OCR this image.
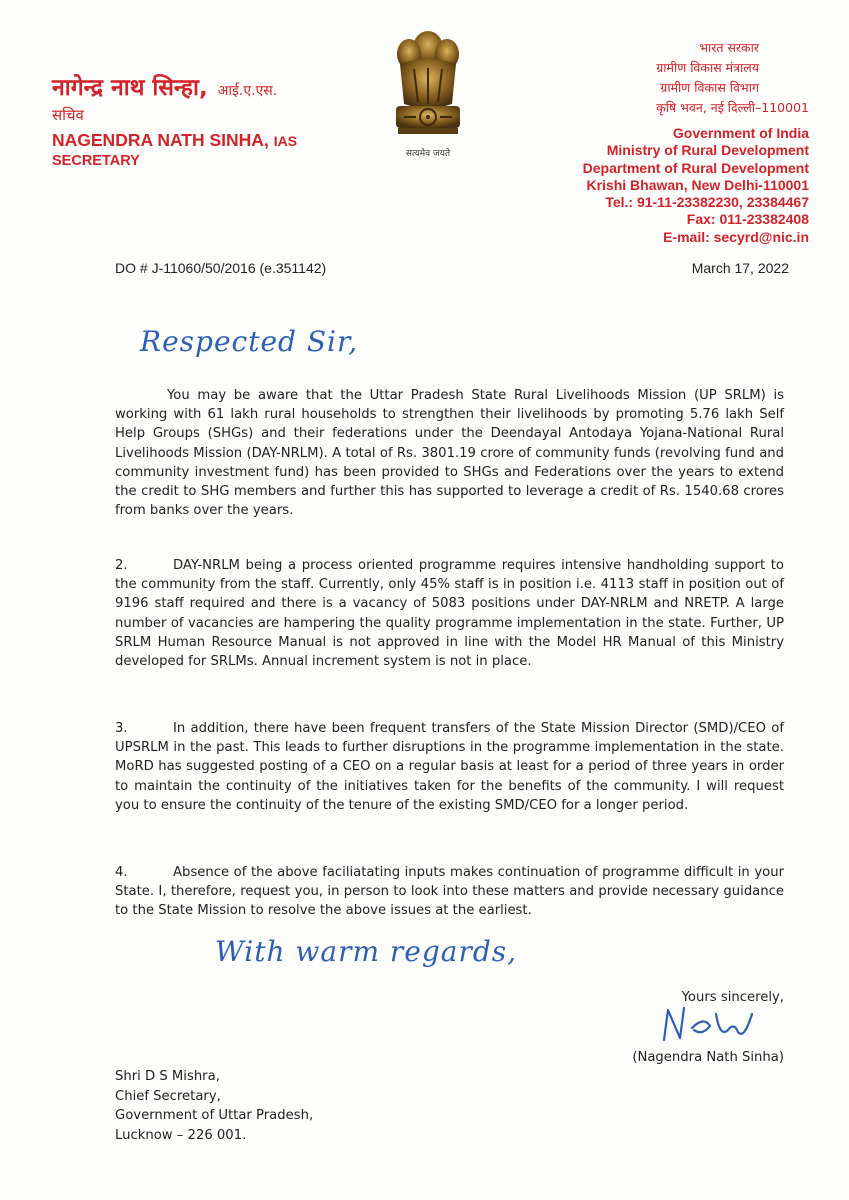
नागेन्द्र नाथ सिन्हा, आई.ए.एस.
सचिव
NAGENDRA NATH SINHA, IAS
SECRETARY	सत्यमेव जयते
भारत सरकार
ग्रामीण विकास मंत्रालय
ग्रामीण विकास विभाग
कृषि भवन, नई दिल्ली–110001
Government of India
Ministry of Rural Development
Department of Rural Development
Krishi Bhawan, New Delhi-110001
Tel.: 91-11-23382230, 23384467
Fax: 011-23382408
E-mail: secyrd@nic.in
DO # J-11060/50/2016 (e.351142)	March 17, 2022
Respected Sir,
You may be aware that the Uttar Pradesh State Rural Livelihoods Mission (UP SRLM) is working with 61 lakh rural households to strengthen their livelihoods by promoting 5.76 lakh Self Help Groups (SHGs) and their federations under the Deendayal Antodaya Yojana-National Rural Livelihoods Mission (DAY-NRLM). A total of Rs. 3801.19 crore of community funds (revolving fund and community investment fund) has been provided to SHGs and Federations over the years to extend the credit to SHG members and further this has supported to leverage a credit of Rs. 1540.68 crores from banks over the years.
2.	DAY-NRLM being a process oriented programme requires intensive handholding support to the community from the staff. Currently, only 45% staff is in position i.e. 4113 staff in position out of 9196 staff required and there is a vacancy of 5083 positions under DAY-NRLM and NRETP. A large number of vacancies are hampering the quality programme implementation in the state. Further, UP SRLM Human Resource Manual is not approved in line with the Model HR Manual of this Ministry developed for SRLMs. Annual increment system is not in place.
3.	In addition, there have been frequent transfers of the State Mission Director (SMD)/CEO of UPSRLM in the past. This leads to further disruptions in the programme implementation in the state. MoRD has suggested posting of a CEO on a regular basis at least for a period of three years in order to maintain the continuity of the initiatives taken for the benefits of the community. I will request you to ensure the continuity of the tenure of the existing SMD/CEO for a longer period.
4.	Absence of the above faciliatating inputs makes continuation of programme difficult in your State. I, therefore, request you, in person to look into these matters and provide necessary guidance to the State Mission to resolve the above issues at the earliest.
With warm regards,
Yours sincerely,
(Nagendra Nath Sinha)
Shri D S Mishra,
Chief Secretary,
Government of Uttar Pradesh,
Lucknow – 226 001.
